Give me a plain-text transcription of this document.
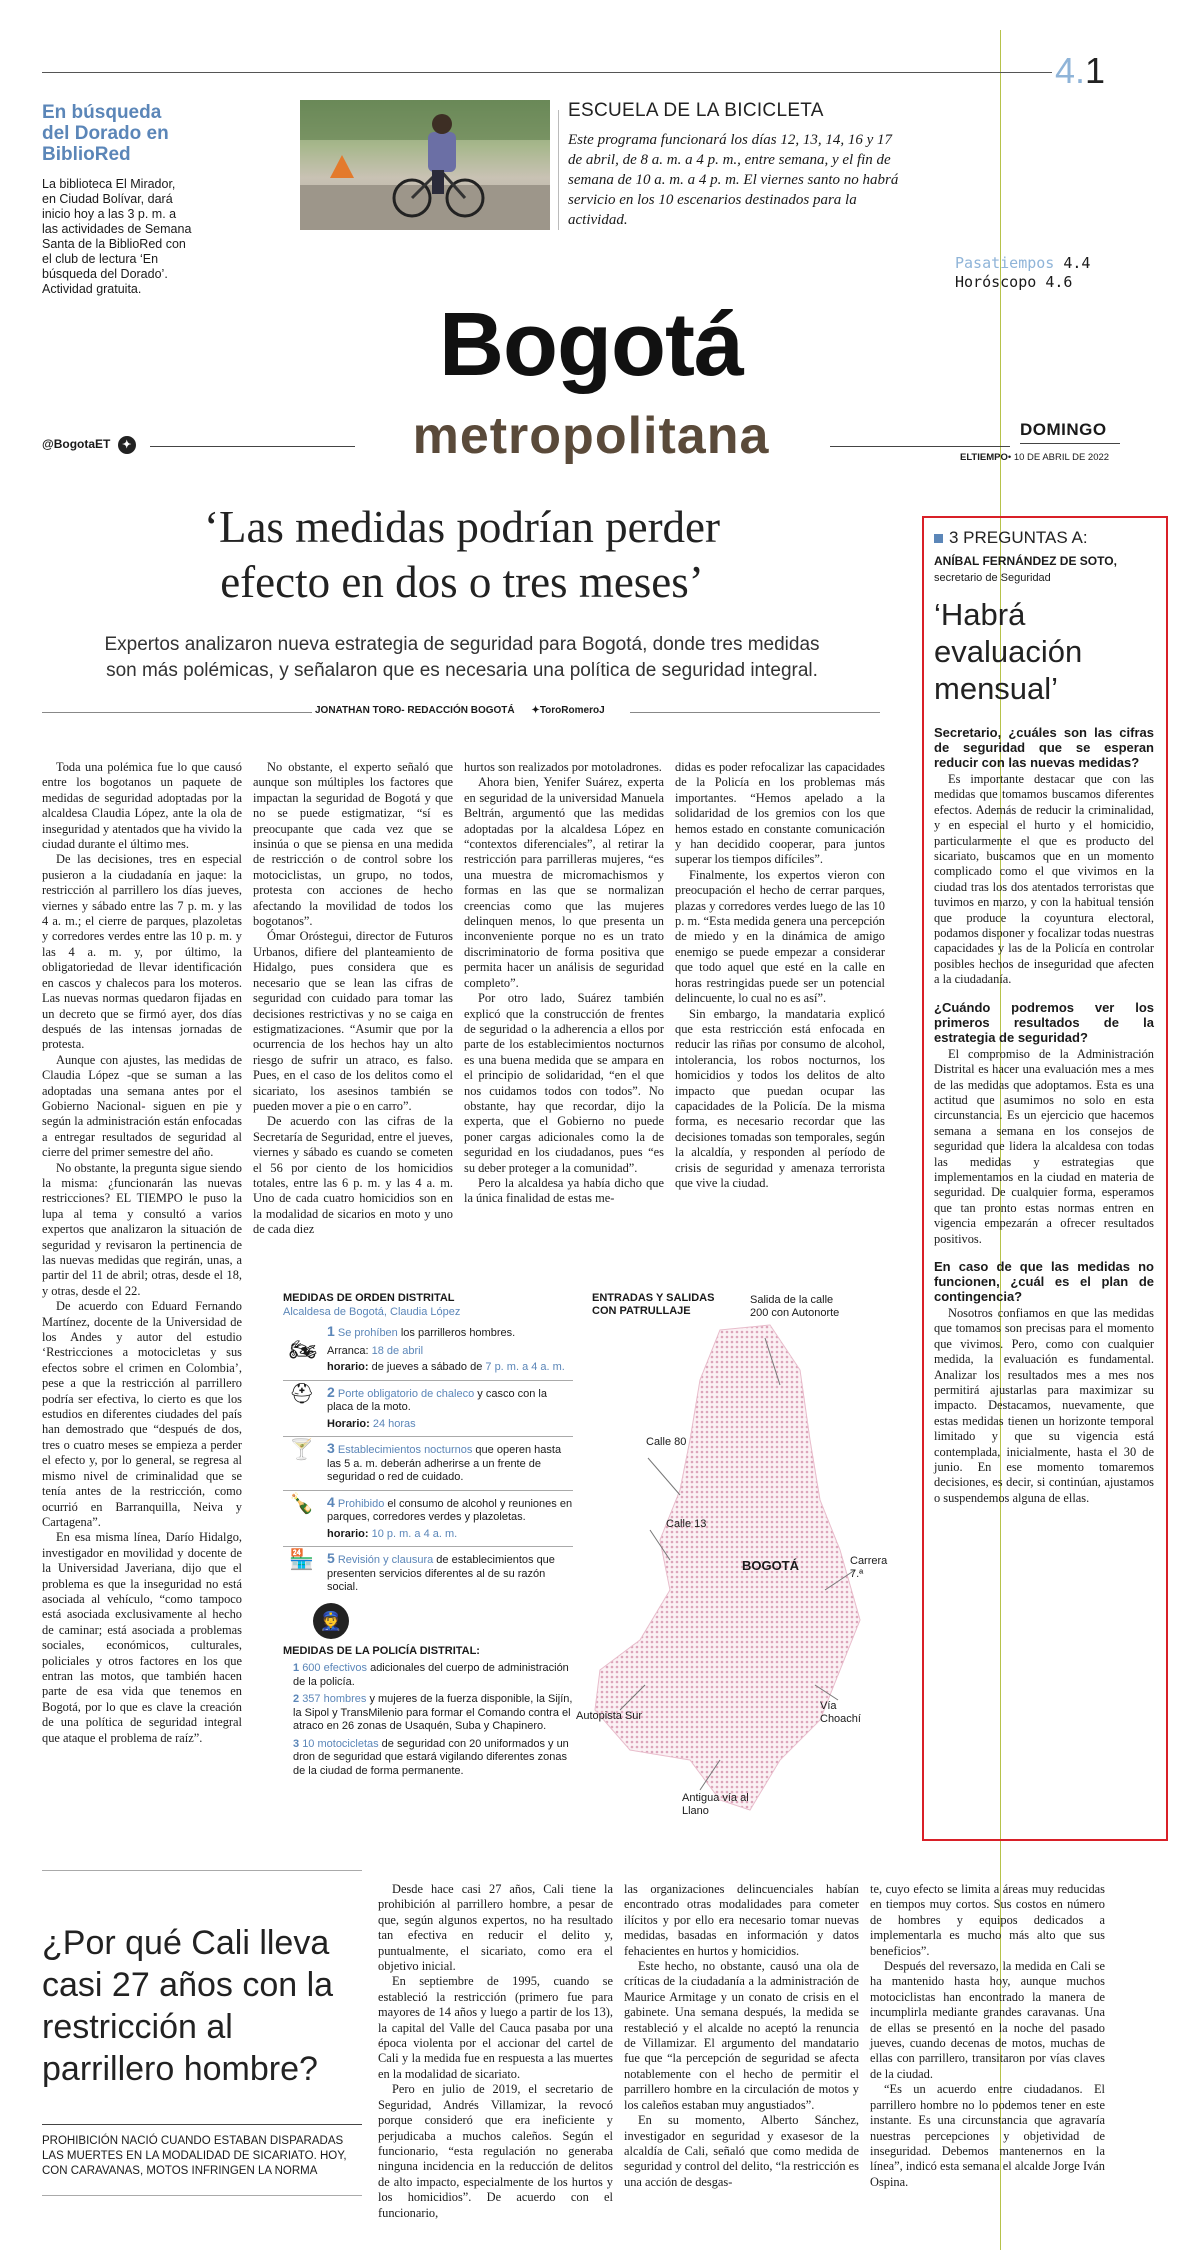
4.1
En búsqueda del Dorado en BiblioRed
La biblioteca El Mirador, en Ciudad Bolívar, dará inicio hoy a las 3 p. m. a las actividades de Semana Santa de la BiblioRed con el club de lectura ‘En búsqueda del Dorado’. Actividad gratuita.
ESCUELA DE LA BICICLETA
Este programa funcionará los días 12, 13, 14, 16 y 17 de abril, de 8 a. m. a 4 p. m., entre semana, y el fin de semana de 10 a. m. a 4 p. m. El viernes santo no habrá servicio en los 10 escenarios destinados para la actividad.
Pasatiempos 4.4
Horóscopo 4.6
Bogotá
metropolitana
@BogotaET ✦
DOMINGO
ELTIEMPO• 10 DE ABRIL DE 2022
‘Las medidas podrían perder
efecto en dos o tres meses’
Expertos analizaron nueva estrategia de seguridad para Bogotá, donde tres medidas
son más polémicas, y señalaron que es necesaria una política de seguridad integral.
JONATHAN TORO- REDACCIÓN BOGOTÁ ✦ToroRomeroJ

Toda una polémica fue lo que causó entre los bogotanos un paquete de medidas de seguridad adoptadas por la alcaldesa Claudia López, ante la ola de inseguridad y atentados que ha vivido la ciudad durante el último mes.

De las decisiones, tres en especial pusieron a la ciudadanía en jaque: la restricción al parrillero los días jueves, viernes y sábado entre las 7 p. m. y las 4 a. m.; el cierre de parques, plazoletas y corredores verdes entre las 10 p. m. y las 4 a. m. y, por último, la obligatoriedad de llevar identificación en cascos y chalecos para los moteros. Las nuevas normas quedaron fijadas en un decreto que se firmó ayer, dos días después de las intensas jornadas de protesta.

Aunque con ajustes, las medidas de Claudia López -que se suman a las adoptadas una semana antes por el Gobierno Nacional- siguen en pie y según la administración están enfocadas a entregar resultados de seguridad al cierre del primer semestre del año.

No obstante, la pregunta sigue siendo la misma: ¿funcionarán las nuevas restricciones? EL TIEMPO le puso la lupa al tema y consultó a varios expertos que analizaron la situación de seguridad y revisaron la pertinencia de las nuevas medidas que regirán, unas, a partir del 11 de abril; otras, desde el 18, y otras, desde el 22.

De acuerdo con Eduard Fernando Martínez, docente de la Universidad de los Andes y autor del estudio ‘Restricciones a motocicletas y sus efectos sobre el crimen en Colombia’, pese a que la restricción al parrillero podría ser efectiva, lo cierto es que los estudios en diferentes ciudades del país han demostrado que “después de dos, tres o cuatro meses se empieza a perder el efecto y, por lo general, se regresa al mismo nivel de criminalidad que se tenía antes de la restricción, como ocurrió en Barranquilla, Neiva y Cartagena”.

En esa misma línea, Darío Hidalgo, investigador en movilidad y docente de la Universidad Javeriana, dijo que el problema es que la inseguridad no está asociada al vehículo, “como tampoco está asociada exclusivamente al hecho de caminar; está asociada a problemas sociales, económicos, culturales, policiales y otros factores en los que entran las motos, que también hacen parte de esa vida que tenemos en Bogotá, por lo que es clave la creación de una política de seguridad integral que ataque el problema de raíz”.

No obstante, el experto señaló que aunque son múltiples los factores que impactan la seguridad de Bogotá y que no se puede estigmatizar, “sí es preocupante que cada vez que se insinúa o que se piensa en una medida de restricción o de control sobre los motociclistas, un grupo, no todos, protesta con acciones de hecho afectando la movilidad de todos los bogotanos”.

Ómar Oróstegui, director de Futuros Urbanos, difiere del planteamiento de Hidalgo, pues considera que es necesario que se lean las cifras de seguridad con cuidado para tomar las decisiones restrictivas y no se caiga en estigmatizaciones. “Asumir que por la ocurrencia de los hechos hay un alto riesgo de sufrir un atraco, es falso. Pues, en el caso de los delitos como el sicariato, los asesinos también se pueden mover a pie o en carro”.

De acuerdo con las cifras de la Secretaría de Seguridad, entre el jueves, viernes y sábado es cuando se cometen el 56 por ciento de los homicidios totales, entre las 6 p. m. y las 4 a. m. Uno de cada cuatro homicidios son en la modalidad de sicarios en moto y uno de cada diez

hurtos son realizados por motoladrones.

Ahora bien, Yenifer Suárez, experta en seguridad de la universidad Manuela Beltrán, argumentó que las medidas adoptadas por la alcaldesa López en “contextos diferenciales”, al retirar la restricción para parrilleras mujeres, “es una muestra de micromachismos y formas en las que se normalizan creencias como que las mujeres delinquen menos, lo que presenta un inconveniente porque no es un trato discriminatorio de forma positiva que permita hacer un análisis de seguridad completo”.

Por otro lado, Suárez también explicó que la construcción de frentes de seguridad o la adherencia a ellos por parte de los establecimientos nocturnos es una buena medida que se ampara en el principio de solidaridad, “en el que nos cuidamos todos con todos”. No obstante, hay que recordar, dijo la experta, que el Gobierno no puede poner cargas adicionales como la de seguridad en los ciudadanos, pues “es su deber proteger a la comunidad”.

Pero la alcaldesa ya había dicho que la única finalidad de estas me-

didas es poder refocalizar las capacidades de la Policía en los problemas más importantes. “Hemos apelado a la solidaridad de los gremios con los que hemos estado en constante comunicación y han decidido cooperar, para juntos superar los tiempos difíciles”.

Finalmente, los expertos vieron con preocupación el hecho de cerrar parques, plazas y corredores verdes luego de las 10 p. m. “Esta medida genera una percepción de miedo y en la dinámica de amigo enemigo se puede empezar a considerar que todo aquel que esté en la calle en horas restringidas puede ser un potencial delincuente, lo cual no es así”.

Sin embargo, la mandataria explicó que esta restricción está enfocada en reducir las riñas por consumo de alcohol, intolerancia, los robos nocturnos, los homicidios y todos los delitos de alto impacto que puedan ocupar las capacidades de la Policía. De la misma forma, es necesario recordar que las decisiones tomadas son temporales, según la alcaldía, y responden al período de crisis de seguridad y amenaza terrorista que vive la ciudad.

MEDIDAS DE ORDEN DISTRITAL
Alcaldesa de Bogotá, Claudia López
🏍
1 Se prohíben los parrilleros hombres.
Arranca: 18 de abril
horario: de jueves a sábado de 7 p. m. a 4 a. m.
⛑ 2 Porte obligatorio de chaleco y casco con la placa de la moto.
Horario: 24 horas
🍸 3 Establecimientos nocturnos que operen hasta las 5 a. m. deberán adherirse a un frente de seguridad o red de cuidado.
🍾 4 Prohibido el consumo de alcohol y reuniones en parques, corredores verdes y plazoletas.
horario: 10 p. m. a 4 a. m.
🏪 5 Revisión y clausura de establecimientos que presenten servicios diferentes al de su razón social.
👮
MEDIDAS DE LA POLICÍA DISTRITAL:
1 600 efectivos adicionales del cuerpo de administración de la policía.
2 357 hombres y mujeres de la fuerza disponible, la Sijín, la Sipol y TransMilenio para formar el Comando contra el atraco en 26 zonas de Usaquén, Suba y Chapinero.
3 10 motocicletas de seguridad con 20 uniformados y un dron de seguridad que estará vigilando diferentes zonas de la ciudad de forma permanente.
ENTRADAS Y SALIDAS
CON PATRULLAJE
Salida de la calle 200 con Autonorte
Calle 80
Calle 13
BOGOTÁ	Carrera 7.ª
Autopista Sur
Vía Choachí
Antigua vía al Llano
3 PREGUNTAS A:
ANÍBAL FERNÁNDEZ DE SOTO, secretario de Seguridad
‘Habrá evaluación mensual’
Secretario, ¿cuáles son las cifras de seguridad que se esperan reducir con las nuevas medidas?

Es importante destacar que con las medidas que tomamos buscamos diferentes efectos. Además de reducir la criminalidad, y en especial el hurto y el homicidio, particularmente el que es producto del sicariato, buscamos que en un momento complicado como el que vivimos en la ciudad tras los dos atentados terroristas que tuvimos en marzo, y con la habitual tensión que produce la coyuntura electoral, podamos disponer y focalizar todas nuestras capacidades y las de la Policía en controlar posibles hechos de inseguridad que afecten a la ciudadanía.

¿Cuándo podremos ver los primeros resultados de la estrategia de seguridad?

El compromiso de la Administración Distrital es hacer una evaluación mes a mes de las medidas que adoptamos. Esta es una actitud que asumimos no solo en esta circunstancia. Es un ejercicio que hacemos semana a semana en los consejos de seguridad que lidera la alcaldesa con todas las medidas y estrategias que implementamos en la ciudad en materia de seguridad. De cualquier forma, esperamos que tan pronto estas normas entren en vigencia empezarán a ofrecer resultados positivos.

En caso de que las medidas no funcionen, ¿cuál es el plan de contingencia?

Nosotros confiamos en que las medidas que tomamos son precisas para el momento que vivimos. Pero, como con cualquier medida, la evaluación es fundamental. Analizar los resultados mes a mes nos permitirá ajustarlas para maximizar su impacto. Destacamos, nuevamente, que estas medidas tienen un horizonte temporal limitado y que su vigencia está contemplada, inicialmente, hasta el 30 de junio. En ese momento tomaremos decisiones, es decir, si continúan, ajustamos o suspendemos alguna de ellas.

¿Por qué Cali lleva casi 27 años con la restricción al parrillero hombre?
PROHIBICIÓN NACIÓ CUANDO ESTABAN DISPARADAS LAS MUERTES EN LA MODALIDAD DE SICARIATO. HOY, CON CARAVANAS, MOTOS INFRINGEN LA NORMA

Desde hace casi 27 años, Cali tiene la prohibición al parrillero hombre, a pesar de que, según algunos expertos, no ha resultado tan efectiva en reducir el delito y, puntualmente, el sicariato, como era el objetivo inicial.

En septiembre de 1995, cuando se estableció la restricción (primero fue para mayores de 14 años y luego a partir de los 13), la capital del Valle del Cauca pasaba por una época violenta por el accionar del cartel de Cali y la medida fue en respuesta a las muertes en la modalidad de sicariato.

Pero en julio de 2019, el secretario de Seguridad, Andrés Villamizar, la revocó porque consideró que era ineficiente y perjudicaba a muchos caleños. Según el funcionario, “esta regulación no generaba ninguna incidencia en la reducción de delitos de alto impacto, especialmente de los hurtos y los homicidios”. De acuerdo con el funcionario,

las organizaciones delincuenciales habían encontrado otras modalidades para cometer ilícitos y por ello era necesario tomar nuevas medidas, basadas en información y datos fehacientes en hurtos y homicidios.

Este hecho, no obstante, causó una ola de críticas de la ciudadanía a la administración de Maurice Armitage y un conato de crisis en el gabinete. Una semana después, la medida se restableció y el alcalde no aceptó la renuncia de Villamizar. El argumento del mandatario fue que “la percepción de seguridad se afecta notablemente con el hecho de permitir el parrillero hombre en la circulación de motos y los caleños estaban muy angustiados”.

En su momento, Alberto Sánchez, investigador en seguridad y exasesor de la alcaldía de Cali, señaló que como medida de seguridad y control del delito, “la restricción es una acción de desgas-

te, cuyo efecto se limita a áreas muy reducidas en tiempos muy cortos. Sus costos en número de hombres y equipos dedicados a implementarla es mucho más alto que sus beneficios”.

Después del reversazo, la medida en Cali se ha mantenido hasta hoy, aunque muchos motociclistas han encontrado la manera de incumplirla mediante grandes caravanas. Una de ellas se presentó en la noche del pasado jueves, cuando decenas de motos, muchas de ellas con parrillero, transitaron por vías claves de la ciudad.

“Es un acuerdo entre ciudadanos. El parrillero hombre no lo podemos tener en este instante. Es una circunstancia que agravaría nuestras percepciones y objetividad de inseguridad. Debemos mantenernos en la línea”, indicó esta semana el alcalde Jorge Iván Ospina.
